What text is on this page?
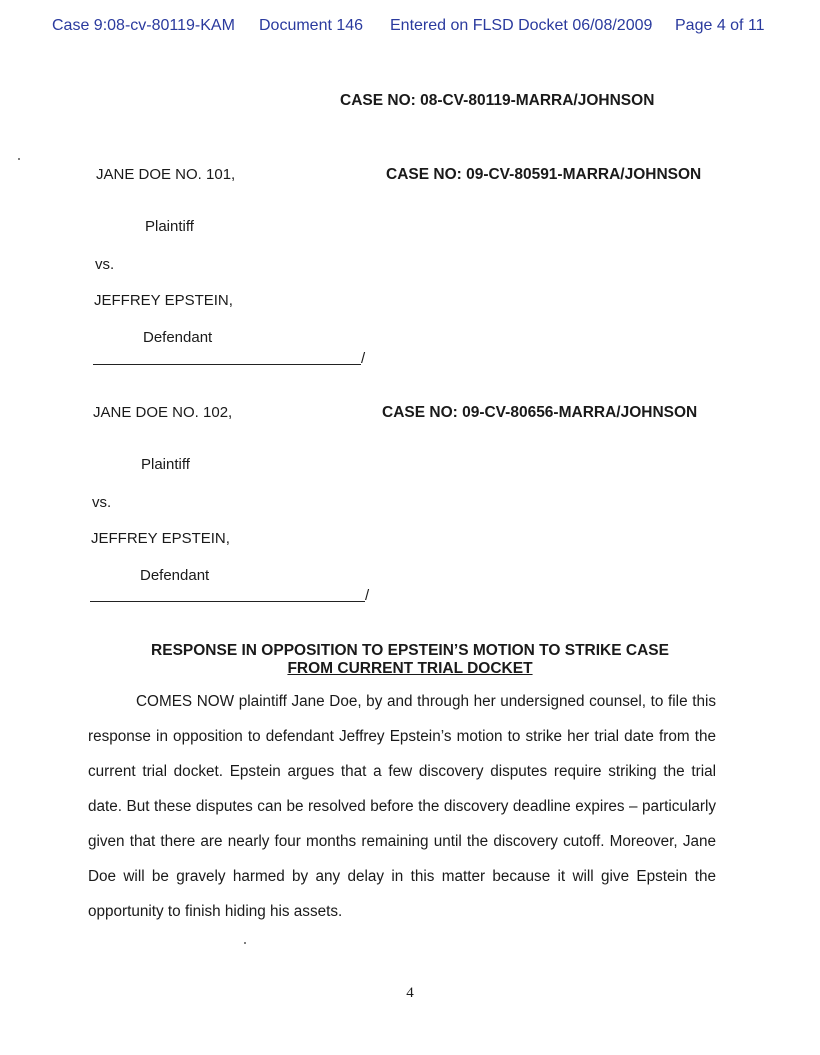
Case 9:08-cv-80119-KAM Document 146 Entered on FLSD Docket 06/08/2009 Page 4 of 11
CASE NO: 08-CV-80119-MARRA/JOHNSON
JANE DOE NO. 101,	CASE NO: 09-CV-80591-MARRA/JOHNSON
Plaintiff
vs.
JEFFREY EPSTEIN,
Defendant
/
JANE DOE NO. 102,	CASE NO: 09-CV-80656-MARRA/JOHNSON
Plaintiff
vs.
JEFFREY EPSTEIN,
Defendant
/
RESPONSE IN OPPOSITION TO EPSTEIN’S MOTION TO STRIKE CASE
FROM CURRENT TRIAL DOCKET
COMES NOW plaintiff Jane Doe, by and through her undersigned counsel, to file this response in opposition to defendant Jeffrey Epstein’s motion to strike her trial date from the current trial docket. Epstein argues that a few discovery disputes require striking the trial date. But these disputes can be resolved before the discovery deadline expires – particularly given that there are nearly four months remaining until the discovery cutoff. Moreover, Jane Doe will be gravely harmed by any delay in this matter because it will give Epstein the opportunity to finish hiding his assets.
4
